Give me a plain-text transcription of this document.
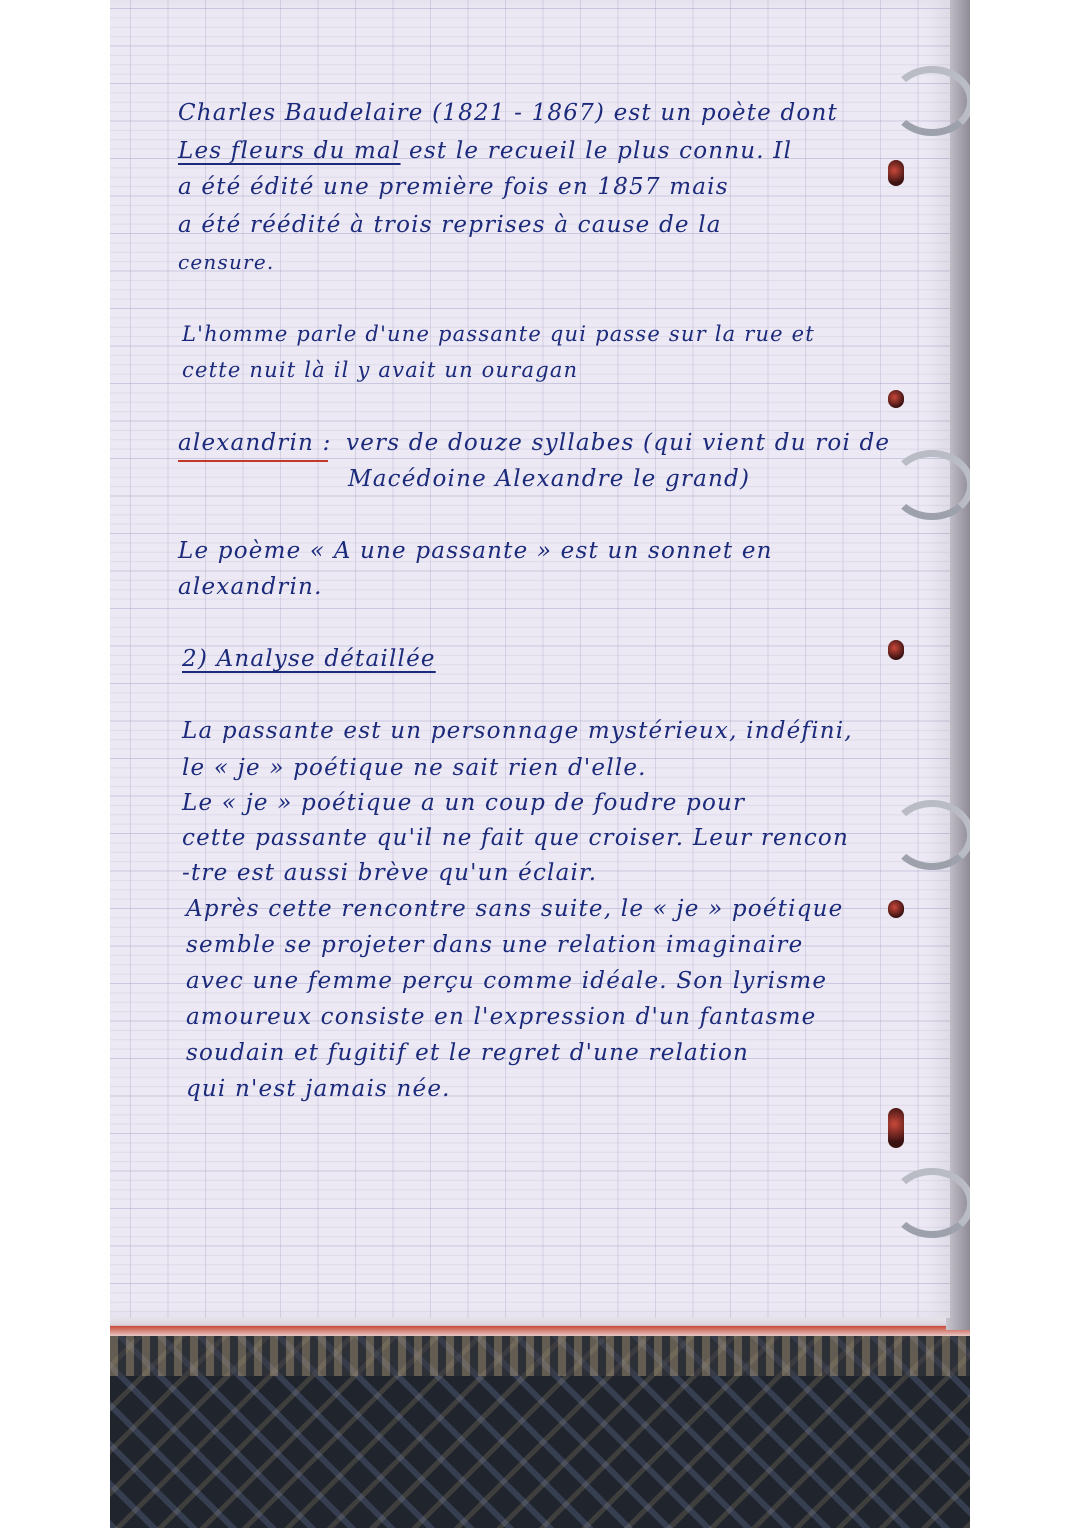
Charles Baudelaire (1821 - 1867) est un poète dont

Les fleurs du mal est le recueil le plus connu. Il

a été édité une première fois en 1857 mais

a été réédité à trois reprises à cause de la

censure.

L'homme parle d'une passante qui passe sur la rue et

cette nuit là il y avait un ouragan

alexandrin : vers de douze syllabes (qui vient du roi de

Macédoine Alexandre le grand)

Le poème « A une passante » est un sonnet en

alexandrin.

2) Analyse détaillée

La passante est un personnage mystérieux, indéfini,

le « je » poétique ne sait rien d'elle.

Le « je » poétique a un coup de foudre pour

cette passante qu'il ne fait que croiser. Leur rencon

-tre est aussi brève qu'un éclair.

Après cette rencontre sans suite, le « je » poétique

semble se projeter dans une relation imaginaire

avec une femme perçu comme idéale. Son lyrisme

amoureux consiste en l'expression d'un fantasme

soudain et fugitif et le regret d'une relation

qui n'est jamais née.
